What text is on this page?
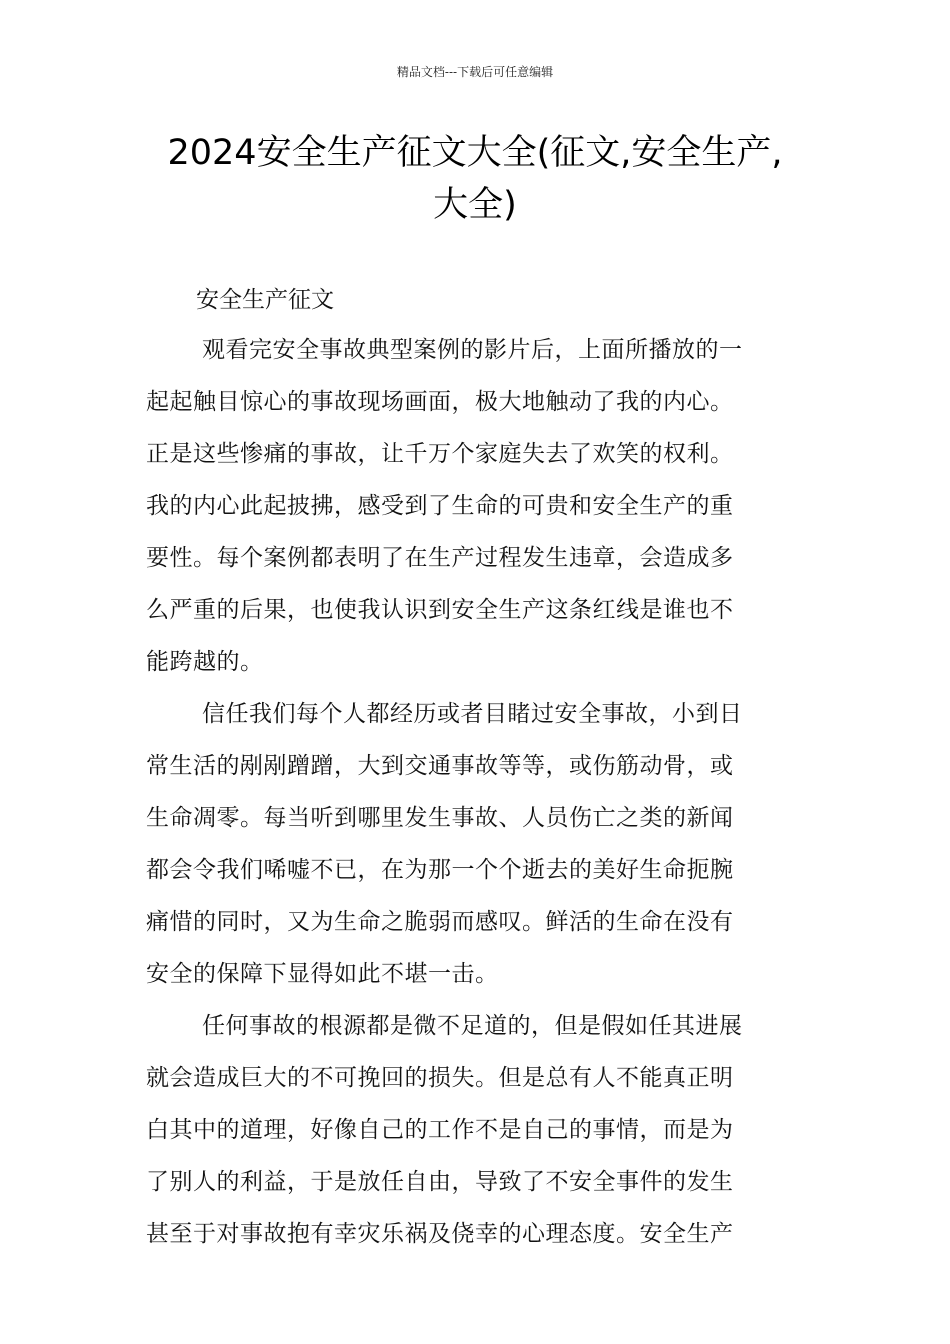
精品文档---下载后可任意编辑
2024安全生产征文大全(征文,安全生产,
大全)

安全生产征文

观看完安全事故典型案例的影片后，上面所播放的一
起起触目惊心的事故现场画面，极大地触动了我的内心。
正是这些惨痛的事故，让千万个家庭失去了欢笑的权利。
我的内心此起披拂，感受到了生命的可贵和安全生产的重
要性。每个案例都表明了在生产过程发生违章，会造成多
么严重的后果，也使我认识到安全生产这条红线是谁也不
能跨越的。

信任我们每个人都经历或者目睹过安全事故，小到日
常生活的剐剐蹭蹭，大到交通事故等等，或伤筋动骨，或
生命凋零。每当听到哪里发生事故、人员伤亡之类的新闻
都会令我们唏嘘不已，在为那一个个逝去的美好生命扼腕
痛惜的同时，又为生命之脆弱而感叹。鲜活的生命在没有
安全的保障下显得如此不堪一击。

任何事故的根源都是微不足道的，但是假如任其进展
就会造成巨大的不可挽回的损失。但是总有人不能真正明
白其中的道理，好像自己的工作不是自己的事情，而是为
了别人的利益，于是放任自由，导致了不安全事件的发生
甚至于对事故抱有幸灾乐祸及侥幸的心理态度。安全生产
